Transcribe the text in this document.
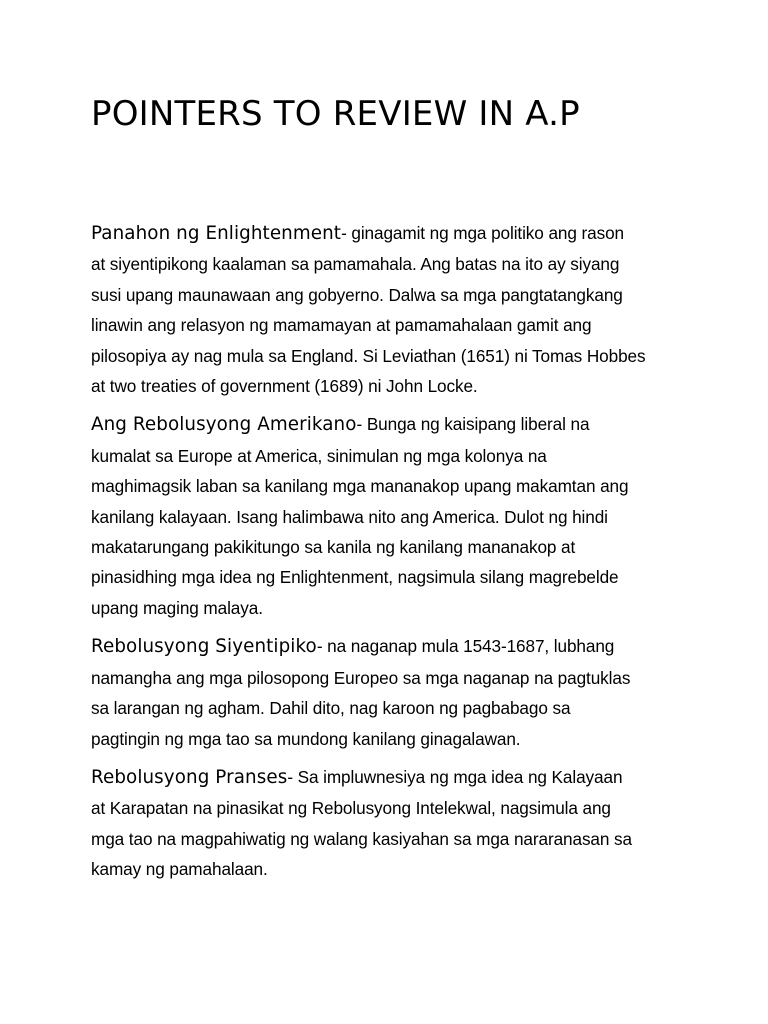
POINTERS TO REVIEW IN A.P

Panahon ng Enlightenment- ginagamit ng mga politiko ang rason
at siyentipikong kaalaman sa pamamahala. Ang batas na ito ay siyang
susi upang maunawaan ang gobyerno. Dalwa sa mga pangtatangkang
linawin ang relasyon ng mamamayan at pamamahalaan gamit ang
pilosopiya ay nag mula sa England. Si Leviathan (1651) ni Tomas Hobbes
at two treaties of government (1689) ni John Locke.

Ang Rebolusyong Amerikano- Bunga ng kaisipang liberal na
kumalat sa Europe at America, sinimulan ng mga kolonya na
maghimagsik laban sa kanilang mga mananakop upang makamtan ang
kanilang kalayaan. Isang halimbawa nito ang America. Dulot ng hindi
makatarungang pakikitungo sa kanila ng kanilang mananakop at
pinasidhing mga idea ng Enlightenment, nagsimula silang magrebelde
upang maging malaya.

Rebolusyong Siyentipiko- na naganap mula 1543-1687, lubhang
namangha ang mga pilosopong Europeo sa mga naganap na pagtuklas
sa larangan ng agham. Dahil dito, nag karoon ng pagbabago sa
pagtingin ng mga tao sa mundong kanilang ginagalawan.

Rebolusyong Pranses- Sa impluwnesiya ng mga idea ng Kalayaan
at Karapatan na pinasikat ng Rebolusyong Intelekwal, nagsimula ang
mga tao na magpahiwatig ng walang kasiyahan sa mga nararanasan sa
kamay ng pamahalaan.
